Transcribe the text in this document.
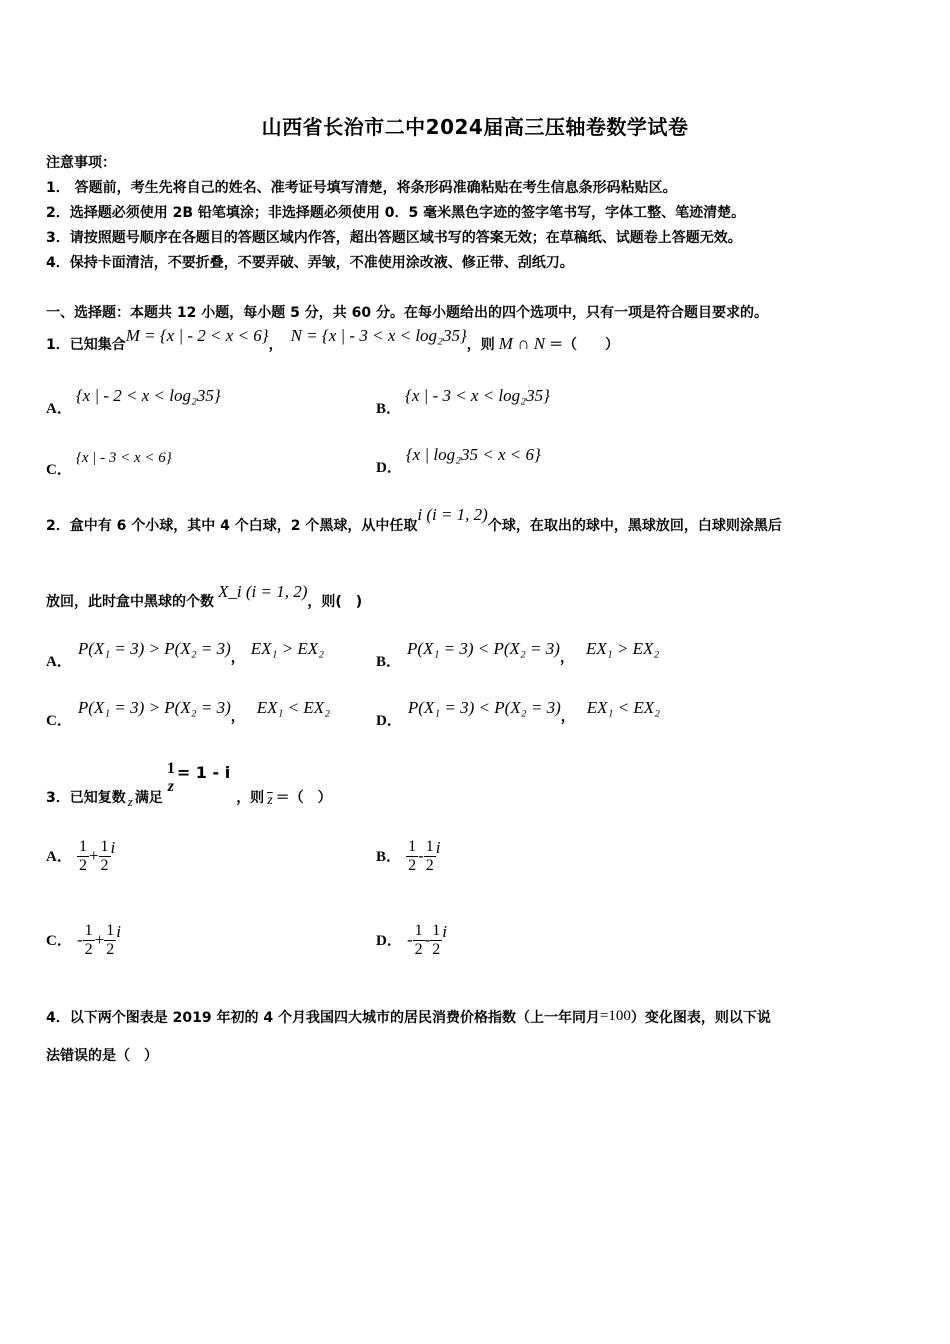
山西省长治市二中2024届高三压轴卷数学试卷
注意事项：
1． 答题前，考生先将自己的姓名、准考证号填写清楚，将条形码准确粘贴在考生信息条形码粘贴区。
2．选择题必须使用 2B 铅笔填涂；非选择题必须使用 0．5 毫米黑色字迹的签字笔书写，字体工整、笔迹清楚。
3．请按照题号顺序在各题目的答题区域内作答，超出答题区域书写的答案无效；在草稿纸、试题卷上答题无效。
4．保持卡面清洁，不要折叠，不要弄破、弄皱，不准使用涂改液、修正带、刮纸刀。
一、选择题：本题共 12 小题，每小题 5 分，共 60 分。在每小题给出的四个选项中，只有一项是符合题目要求的。
1．已知集合M = {x | - 2 < x < 6}， N = {x | - 3 < x < log₂35}，则 M ∩ N ＝（　　）
A．{x | - 2 < x < log₂35}
B．{x | - 3 < x < log₂35}
C．{x | - 3 < x < 6}
D．{x | log₂35 < x < 6}
2．盒中有 6 个小球，其中 4 个白球，2 个黑球，从中任取i (i = 1, 2)个球，在取出的球中，黑球放回，白球则涂黑后
放回，此时盒中黑球的个数X_i (i = 1, 2)，则(　)
A．P(X₁ = 3) > P(X₂ = 3)， EX₁ > EX₂
B．P(X₁ = 3) < P(X₂ = 3)， EX₁ > EX₂
C．P(X₁ = 3) > P(X₂ = 3)， EX₁ < EX₂
D．P(X₁ = 3) < P(X₂ = 3)， EX₁ < EX₂
3．已知复数 z 满足
1
z
= 1 - i，则 $\overline{z}$ ＝（　）
A． $\frac{1}{2} + \frac{1}{2}$ i	B． $\frac{1}{2} - \frac{1}{2}$ i
C． - $\frac{1}{2} + \frac{1}{2}$ i	D． - $\frac{1}{2} - \frac{1}{2}$ i
4．以下两个图表是 2019 年初的 4 个月我国四大城市的居民消费价格指数（上一年同月=100）变化图表，则以下说
法错误的是（　）
